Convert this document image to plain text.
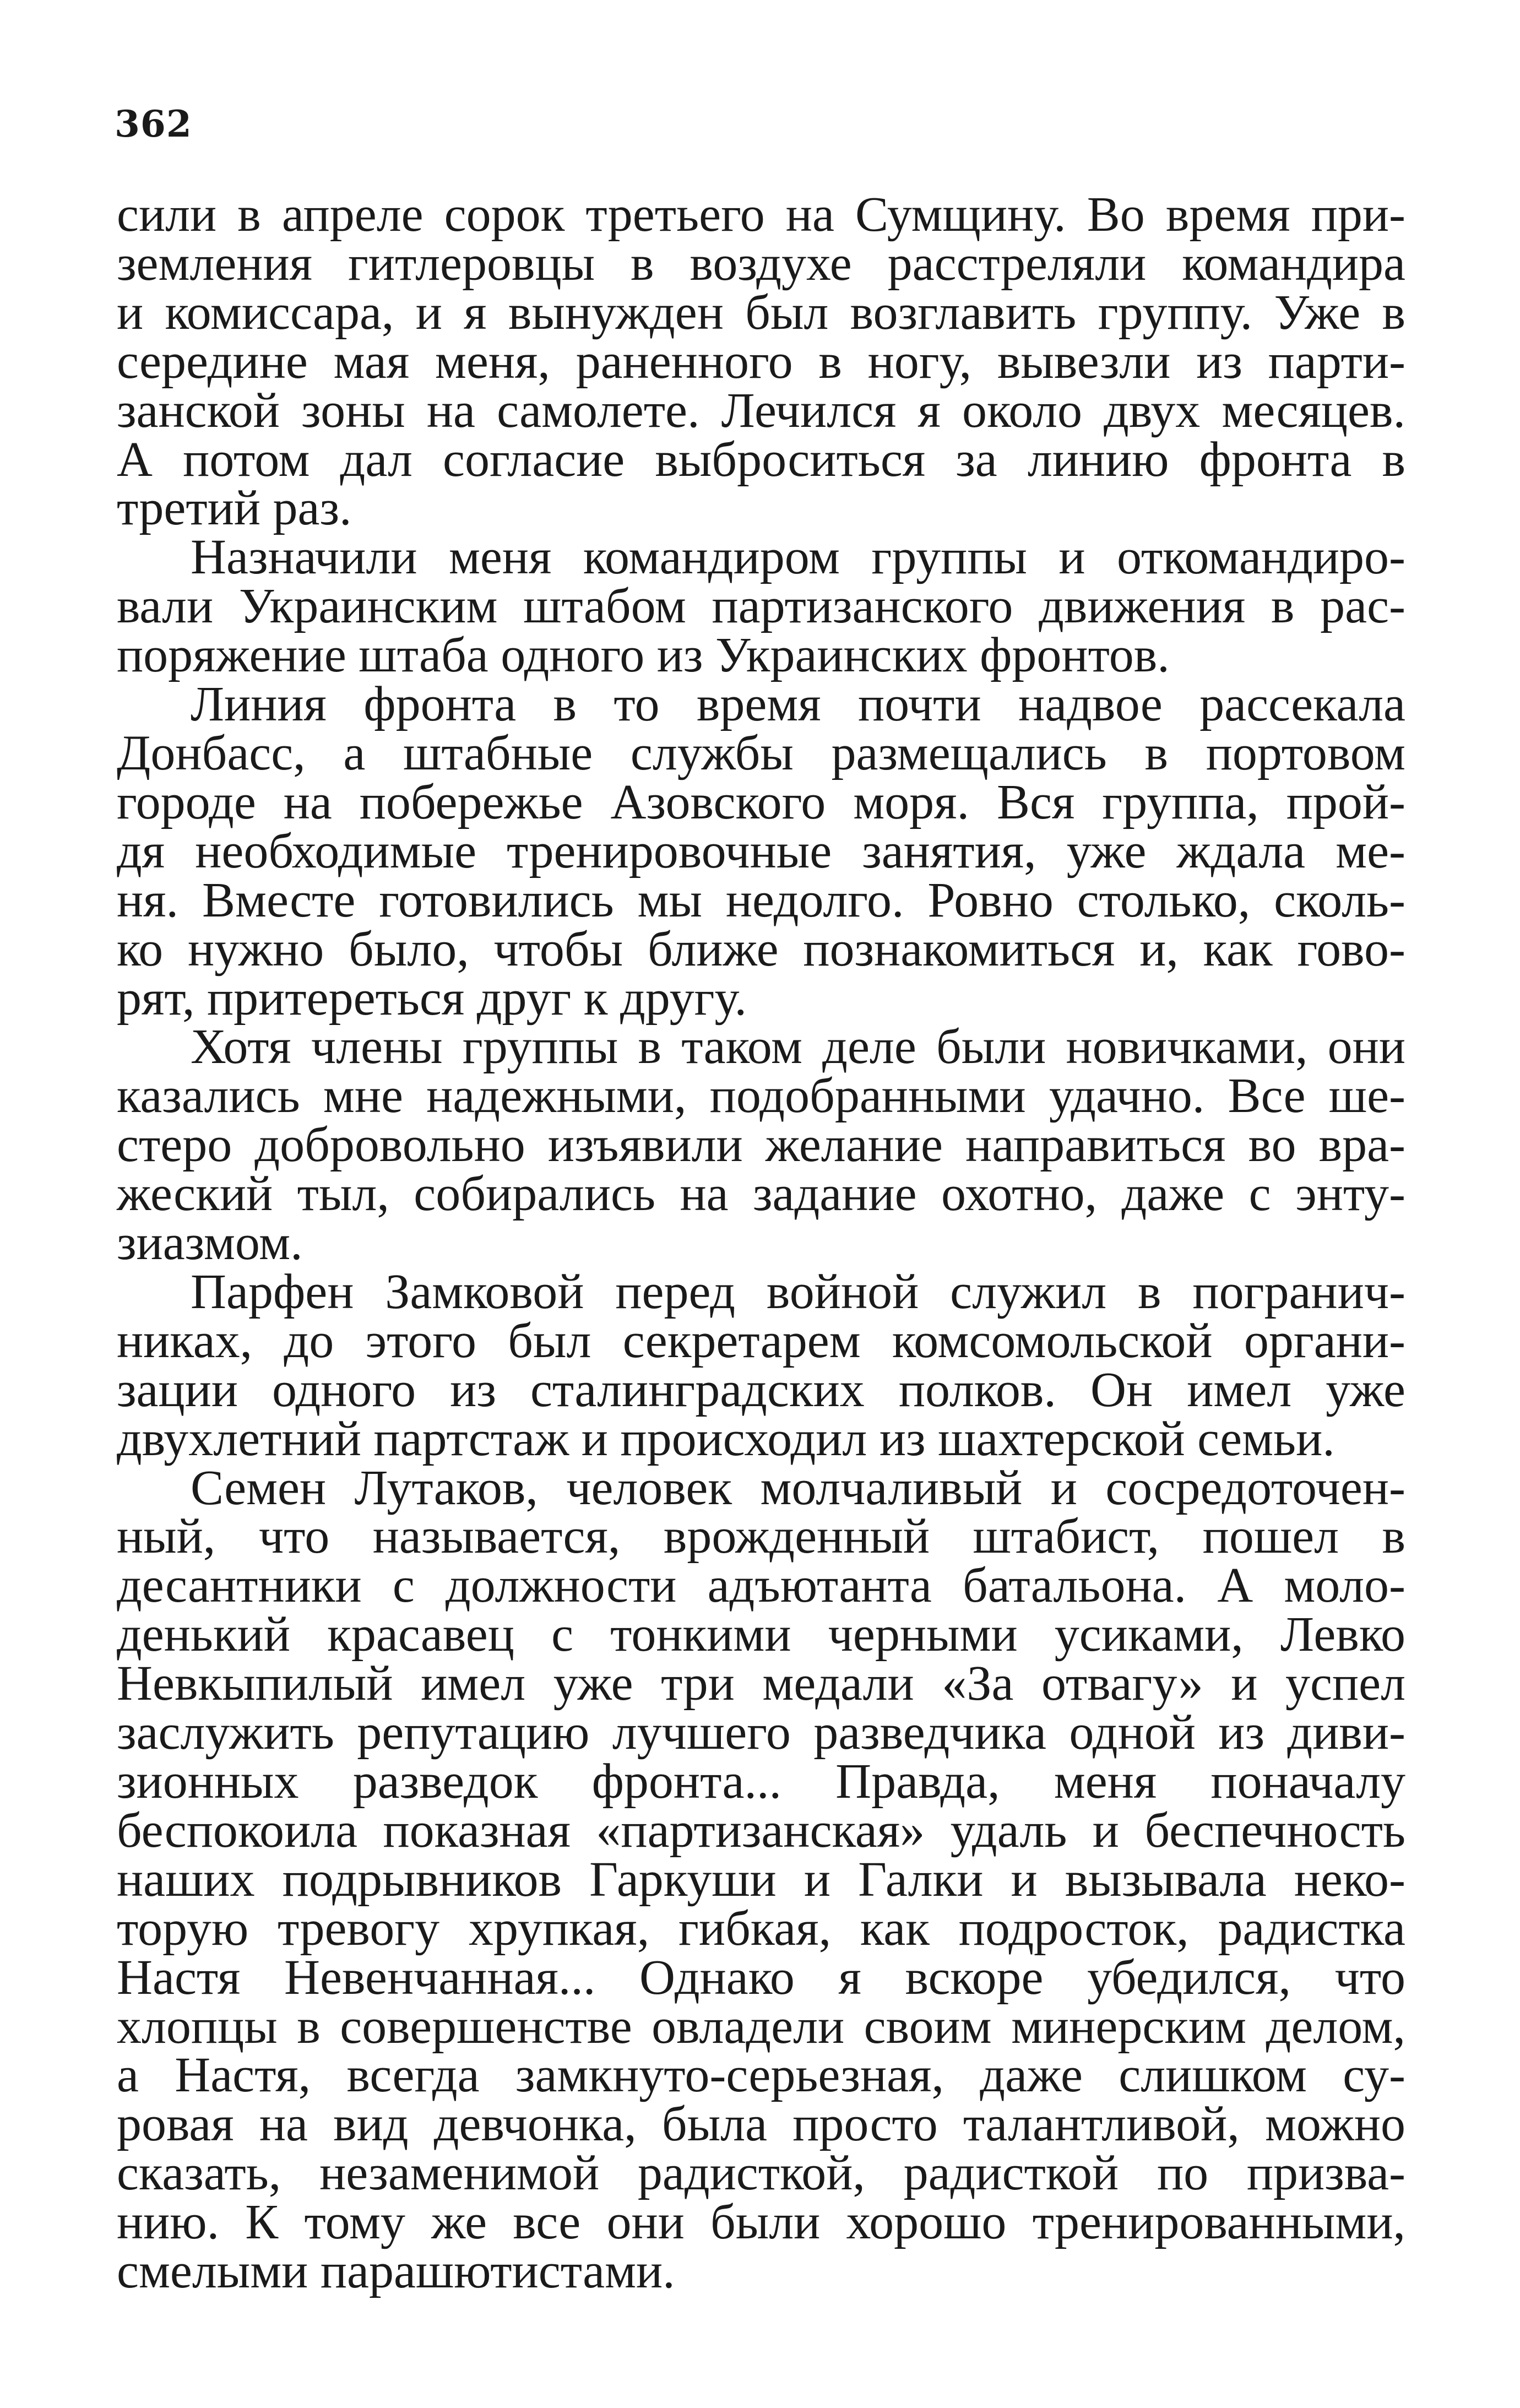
362
сили в апреле сорок третьего на Сумщину. Во время при-
земления гитлеровцы в воздухе расстреляли командира
и комиссара, и я вынужден был возглавить группу. Уже в
середине мая меня, раненного в ногу, вывезли из парти-
занской зоны на самолете. Лечился я около двух месяцев.
А потом дал согласие выброситься за линию фронта в
третий раз.
Назначили меня командиром группы и откомандиро-
вали Украинским штабом партизанского движения в рас-
поряжение штаба одного из Украинских фронтов.
Линия фронта в то время почти надвое рассекала
Донбасс, а штабные службы размещались в портовом
городе на побережье Азовского моря. Вся группа, прой-
дя необходимые тренировочные занятия, уже ждала ме-
ня. Вместе готовились мы недолго. Ровно столько, сколь-
ко нужно было, чтобы ближе познакомиться и, как гово-
рят, притереться друг к другу.
Хотя члены группы в таком деле были новичками, они
казались мне надежными, подобранными удачно. Все ше-
стеро добровольно изъявили желание направиться во вра-
жеский тыл, собирались на задание охотно, даже с энту-
зиазмом.
Парфен Замковой перед войной служил в погранич-
никах, до этого был секретарем комсомольской органи-
зации одного из сталинградских полков. Он имел уже
двухлетний партстаж и происходил из шахтерской семьи.
Семен Лутаков, человек молчаливый и сосредоточен-
ный, что называется, врожденный штабист, пошел в
десантники с должности адъютанта батальона. А моло-
денький красавец с тонкими черными усиками, Левко
Невкыпилый имел уже три медали «За отвагу» и успел
заслужить репутацию лучшего разведчика одной из диви-
зионных разведок фронта... Правда, меня поначалу
беспокоила показная «партизанская» удаль и беспечность
наших подрывников Гаркуши и Галки и вызывала неко-
торую тревогу хрупкая, гибкая, как подросток, радистка
Настя Невенчанная... Однако я вскоре убедился, что
хлопцы в совершенстве овладели своим минерским делом,
а Настя, всегда замкнуто-серьезная, даже слишком су-
ровая на вид девчонка, была просто талантливой, можно
сказать, незаменимой радисткой, радисткой по призва-
нию. К тому же все они были хорошо тренированными,
смелыми парашютистами.
